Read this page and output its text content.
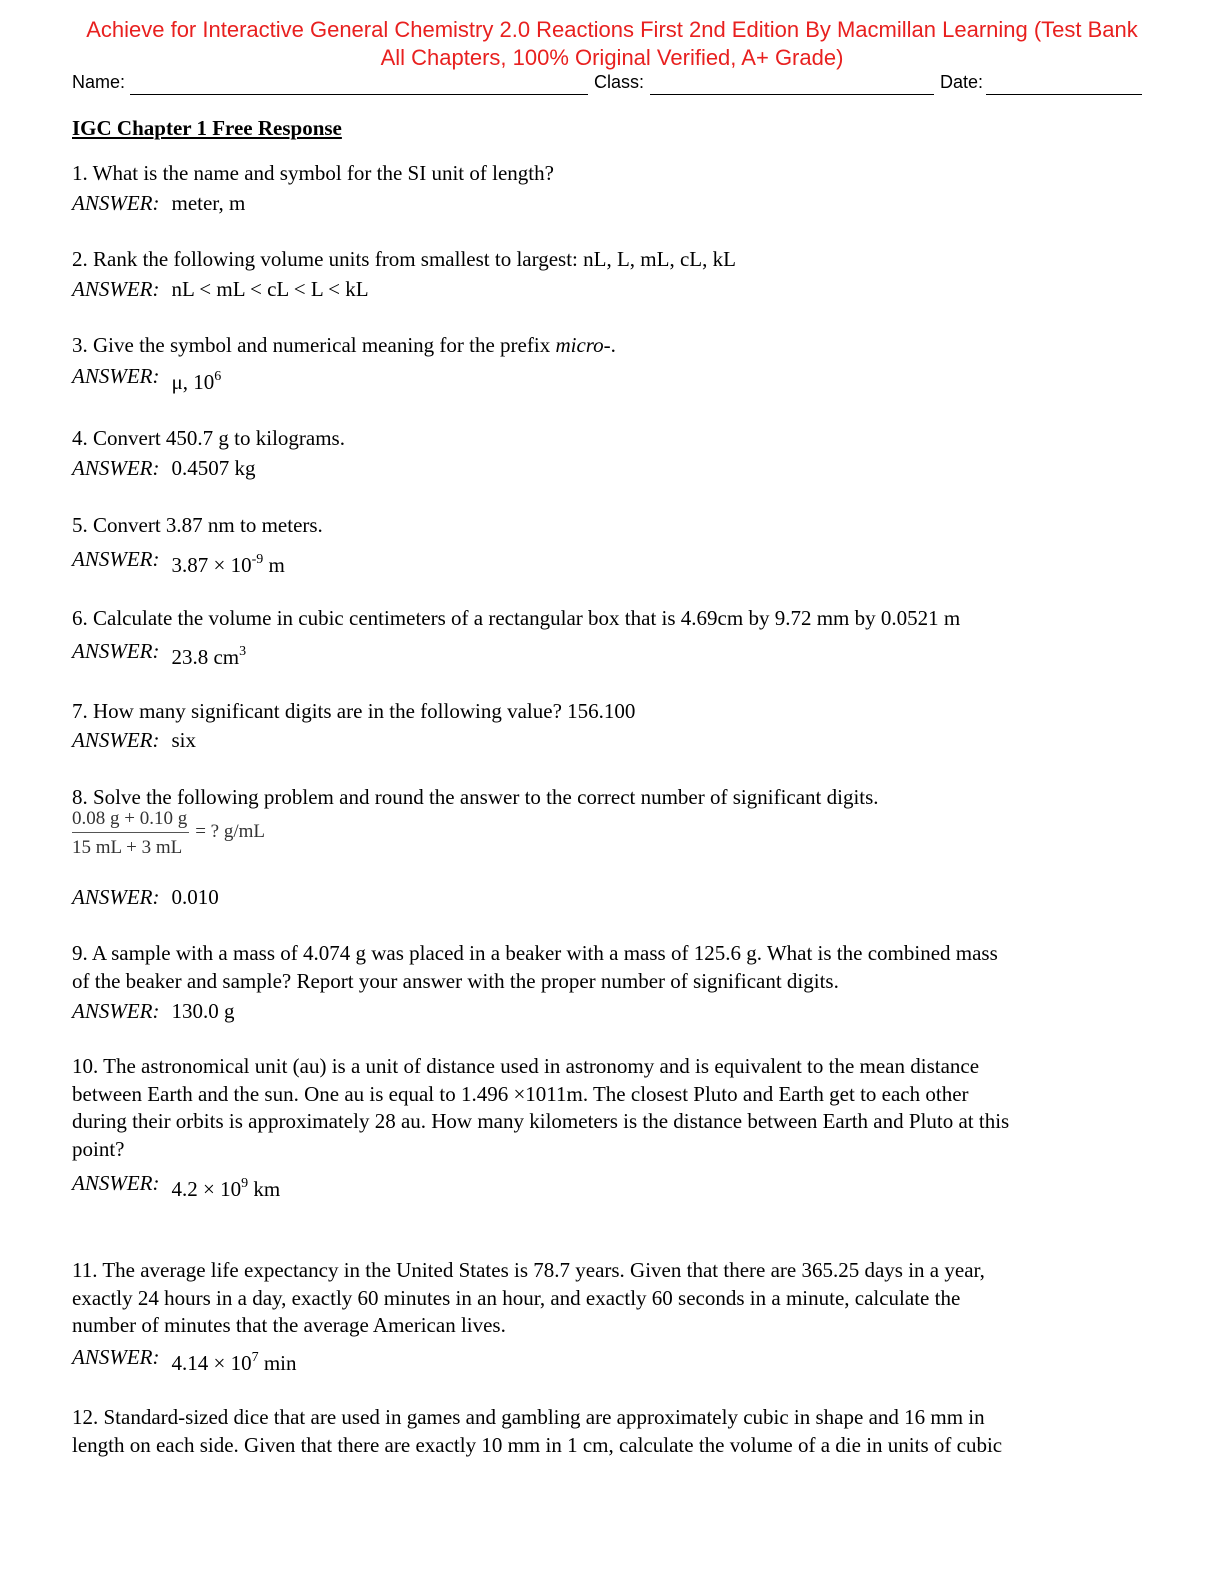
Achieve for Interactive General Chemistry 2.0 Reactions First 2nd Edition By Macmillan Learning (Test Bank
All Chapters, 100% Original Verified, A+ Grade)
Name:	Class:	Date:
IGC Chapter 1 Free Response
1. What is the name and symbol for the SI unit of length?
ANSWER: meter, m
2. Rank the following volume units from smallest to largest: nL, L, mL, cL, kL
ANSWER: nL < mL < cL < L < kL
3. Give the symbol and numerical meaning for the prefix micro-.
ANSWER: μ, $10^6$
4. Convert 450.7 g to kilograms.
ANSWER: 0.4507 kg
5. Convert 3.87 nm to meters.
ANSWER: $3.87 \times 10^{-9}$ m
6. Calculate the volume in cubic centimeters of a rectangular box that is 4.69cm by 9.72 mm by 0.0521 m
ANSWER: 23.8 $cm^3$
7. How many significant digits are in the following value? 156.100
ANSWER: six
8. Solve the following problem and round the answer to the correct number of significant digits.
ANSWER: 0.010
9. A sample with a mass of 4.074 g was placed in a beaker with a mass of 125.6 g. What is the combined mass
of the beaker and sample? Report your answer with the proper number of significant digits.
ANSWER: 130.0 g
10. The astronomical unit (au) is a unit of distance used in astronomy and is equivalent to the mean distance
between Earth and the sun. One au is equal to 1.496 ×1011m. The closest Pluto and Earth get to each other
during their orbits is approximately 28 au. How many kilometers is the distance between Earth and Pluto at this
point?
ANSWER: $4.2 \times 10^9$ km
11. The average life expectancy in the United States is 78.7 years. Given that there are 365.25 days in a year,
exactly 24 hours in a day, exactly 60 minutes in an hour, and exactly 60 seconds in a minute, calculate the
number of minutes that the average American lives.
ANSWER: $4.14 \times 10^7$ min
12. Standard-sized dice that are used in games and gambling are approximately cubic in shape and 16 mm in
length on each side. Given that there are exactly 10 mm in 1 cm, calculate the volume of a die in units of cubic
$\frac{0.08 g + 0.10 g}{15 mL + 3 mL}$ = ? g/mL
